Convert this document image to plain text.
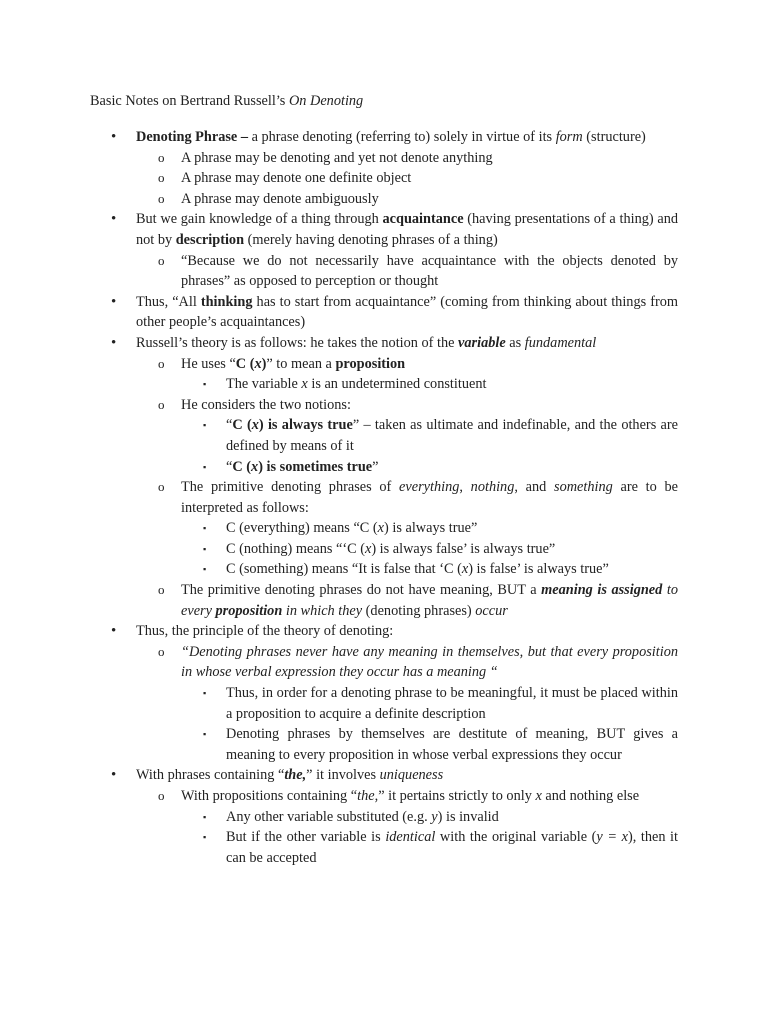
Basic Notes on Bertrand Russell’s On Denoting
• Denoting Phrase – a phrase denoting (referring to) solely in virtue of its form (structure)
o A phrase may be denoting and yet not denote anything
o A phrase may denote one definite object
o A phrase may denote ambiguously
• But we gain knowledge of a thing through acquaintance (having presentations of a thing) and not by description (merely having denoting phrases of a thing)
o “Because we do not necessarily have acquaintance with the objects denoted by phrases” as opposed to perception or thought
• Thus, “All thinking has to start from acquaintance” (coming from thinking about things from other people’s acquaintances)
• Russell’s theory is as follows: he takes the notion of the variable as fundamental
o He uses “C (x)” to mean a proposition
▪ The variable x is an undetermined constituent
o He considers the two notions:
▪ “C (x) is always true” – taken as ultimate and indefinable, and the others are defined by means of it
▪ “C (x) is sometimes true”
o The primitive denoting phrases of everything, nothing, and something are to be interpreted as follows:
▪ C (everything) means “C (x) is always true”
▪ C (nothing) means “‘C (x) is always false’ is always true”
▪ C (something) means “It is false that ‘C (x) is false’ is always true”
o The primitive denoting phrases do not have meaning, BUT a meaning is assigned to every proposition in which they (denoting phrases) occur
• Thus, the principle of the theory of denoting:
o “Denoting phrases never have any meaning in themselves, but that every proposition in whose verbal expression they occur has a meaning “
▪ Thus, in order for a denoting phrase to be meaningful, it must be placed within a proposition to acquire a definite description
▪ Denoting phrases by themselves are destitute of meaning, BUT gives a meaning to every proposition in whose verbal expressions they occur
• With phrases containing “the,” it involves uniqueness
o With propositions containing “the,” it pertains strictly to only x and nothing else
▪ Any other variable substituted (e.g. y) is invalid
▪ But if the other variable is identical with the original variable (y = x), then it can be accepted
